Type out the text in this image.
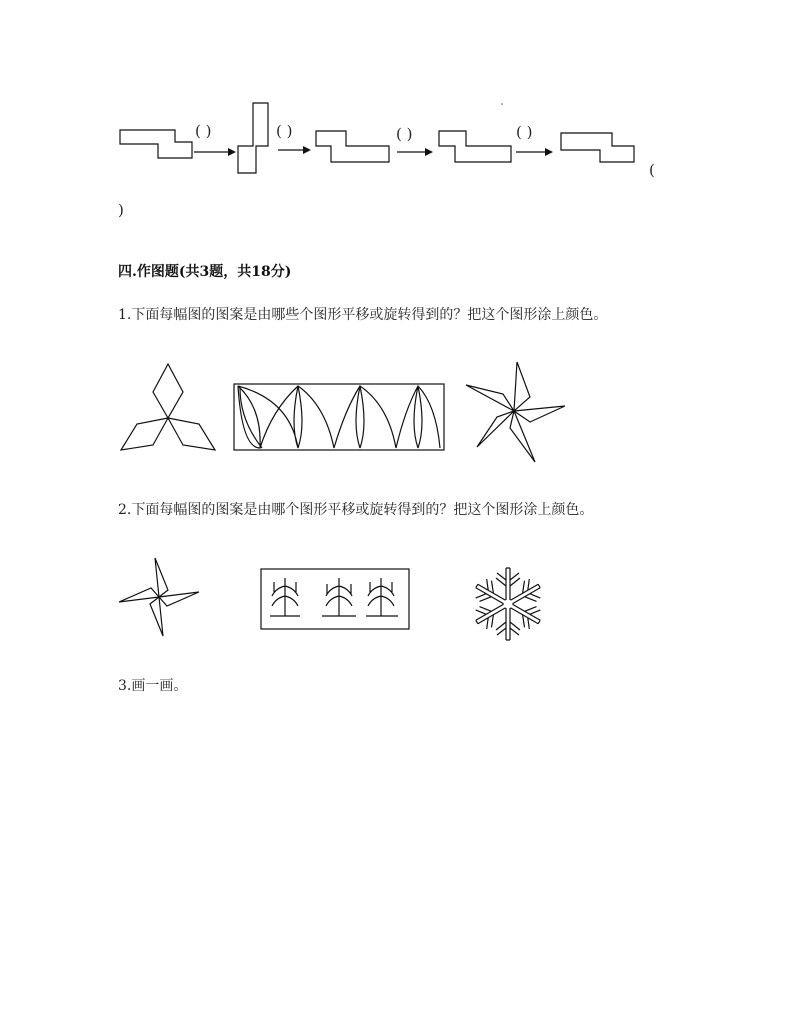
( )	( )	( )	( )
(
)
四.作图题(共3题，共18分)
1.下面每幅图的图案是由哪些个图形平移或旋转得到的？把这个图形涂上颜色。
2.下面每幅图的图案是由哪个图形平移或旋转得到的？把这个图形涂上颜色。
3.画一画。
